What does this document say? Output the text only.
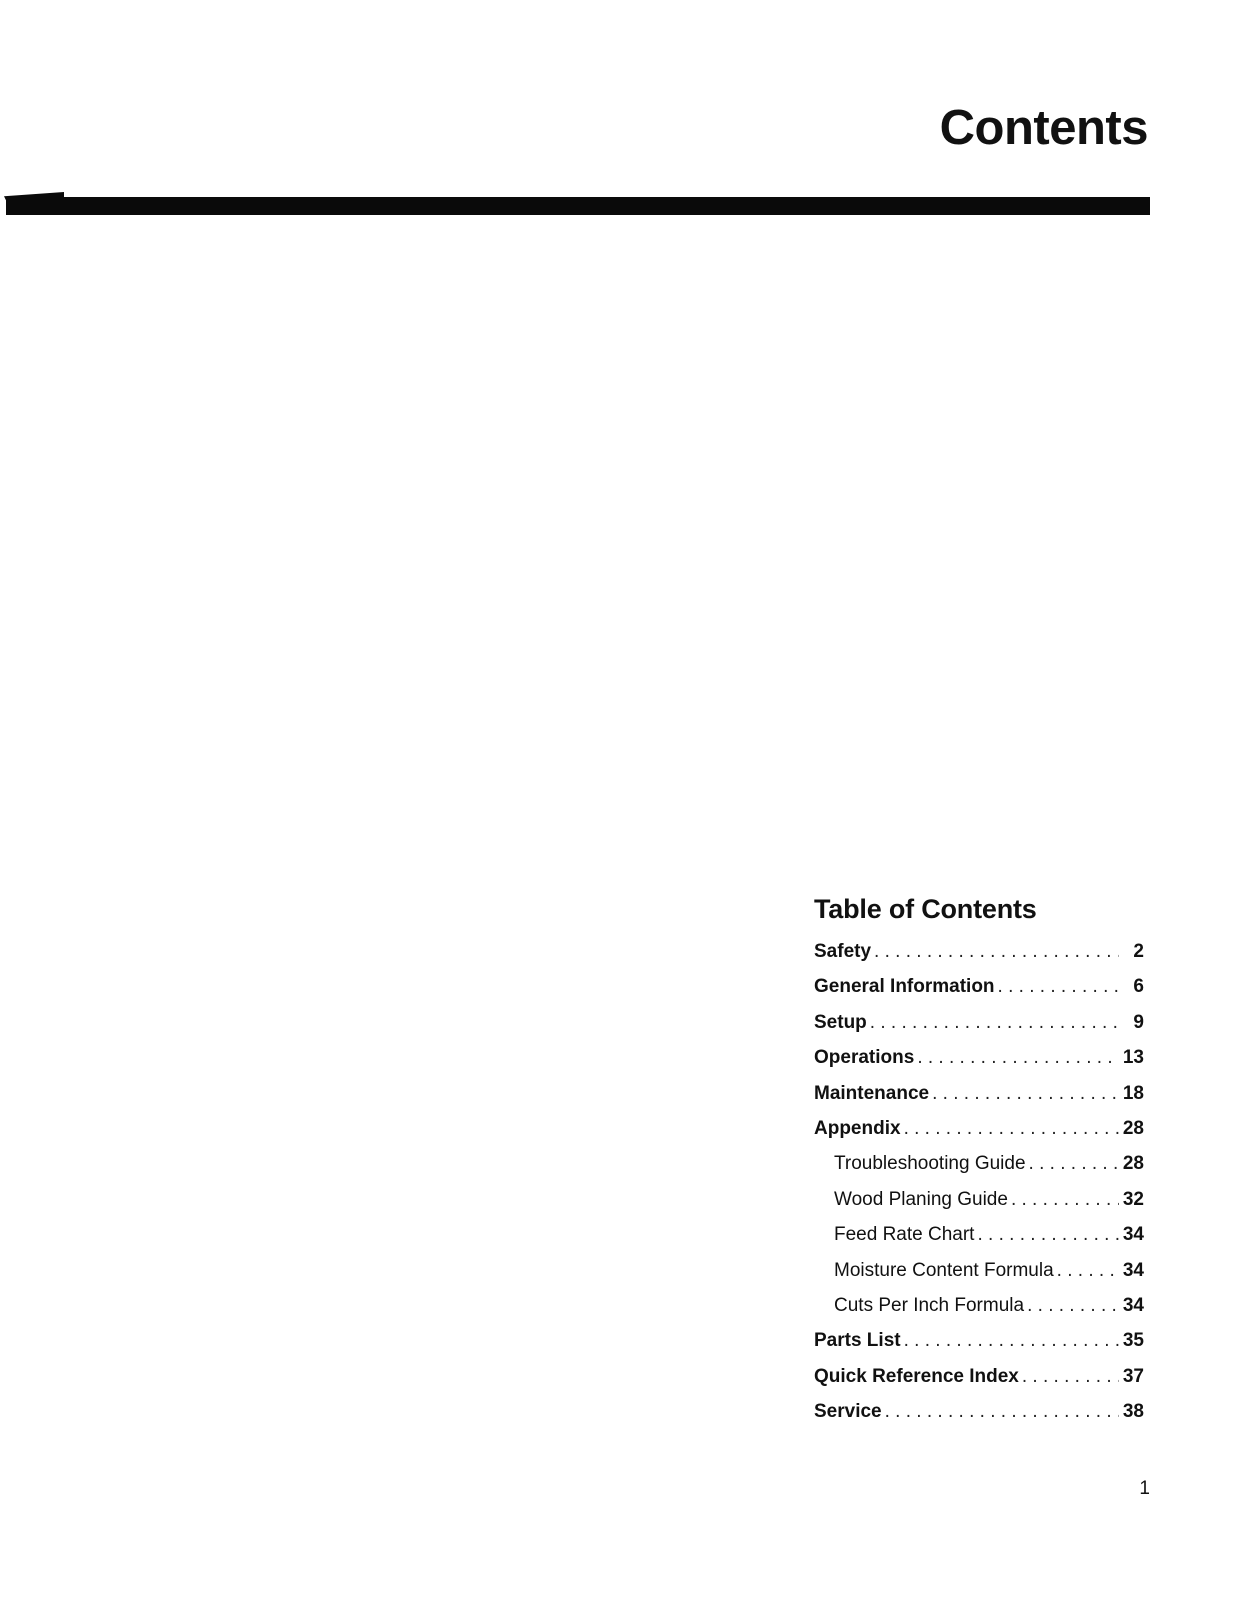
Contents
Table of Contents
Safety . . .	2
General Information . . .	6
Setup . . .	9
Operations . . .	13
Maintenance . . .	18
Appendix . . .	28
Troubleshooting Guide . . .	28
Wood Planing Guide . . .	32
Feed Rate Chart . . .	34
Moisture Content Formula . . .	34
Cuts Per Inch Formula . . .	34
Parts List . . .	35
Quick Reference Index . . .	37
Service . . .	38

1
